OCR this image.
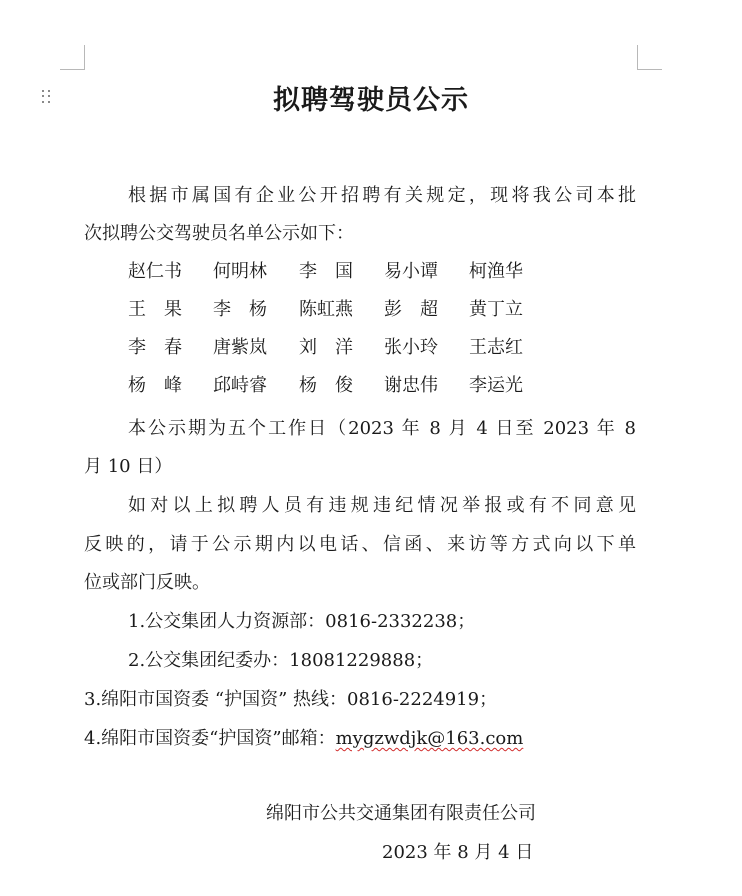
拟聘驾驶员公示
根据市属国有企业公开招聘有关规定，现将我公司本批
次拟聘公交驾驶员名单公示如下：
赵仁书 何明林 李　国 易小谭 柯渔华
王　果 李　杨 陈虹燕 彭　超 黄丁立
李　春 唐紫岚 刘　洋 张小玲 王志红
杨　峰 邱峙睿 杨　俊 谢忠伟 李运光
本公示期为五个工作日（2023 年 8 月 4 日至 2023 年 8
月 10 日）
如对以上拟聘人员有违规违纪情况举报或有不同意见
反映的，请于公示期内以电话、信函、来访等方式向以下单
位或部门反映。
1.公交集团人力资源部：0816-2332238；
2.公交集团纪委办：18081229888；
3.绵阳市国资委 “护国资” 热线：0816-2224919；
4.绵阳市国资委“护国资”邮箱：mygzwdjk@163.com
绵阳市公共交通集团有限责任公司
2023 年 8 月 4 日
